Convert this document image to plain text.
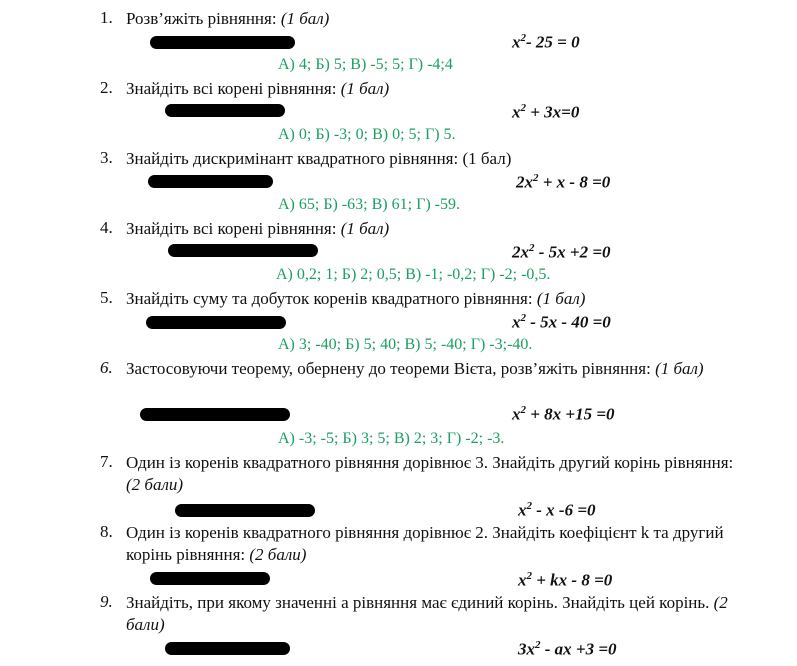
1. Розв’яжіть рівняння: (1 бал)
$x^2-$ 25 = 0
А) 4; Б) 5; В) -5; 5; Г) -4;4
2. Знайдіть всі корені рівняння: (1 бал)
$x^2 + 3x=0$
А) 0; Б) -3; 0; В) 0; 5; Г) 5.
3. Знайдіть дискримінант квадратного рівняння: (1 бал)
$2x^2 + x - 8 =0$
А) 65; Б) -63; В) 61; Г) -59.
4. Знайдіть всі корені рівняння: (1 бал)
$2x^2 - 5x +2 =0$
А) 0,2; 1; Б) 2; 0,5; В) -1; -0,2; Г) -2; -0,5.
5. Знайдіть суму та добуток коренів квадратного рівняння: (1 бал)
$x^2 - 5x - 40 =0$
А) 3; -40; Б) 5; 40; В) 5; -40; Г) -3;-40.
6. Застосовуючи теорему, обернену до теореми Вієта, розв’яжіть рівняння: (1 бал)
$x^2 + 8x +15 =0$
А) -3; -5; Б) 3; 5; В) 2; 3; Г) -2; -3.
7. Один із коренів квадратного рівняння дорівнює 3. Знайдіть другий корінь рівняння: (2 бали)
$x^2$ - x -6 =0
8. Один із коренів квадратного рівняння дорівнює 2. Знайдіть коефіцієнт k та другий корінь рівняння: (2 бали)
$x^2$ + kx - 8 =0
9. Знайдіть, при якому значенні а рівняння має єдиний корінь. Знайдіть цей корінь. (2 бали)
$3x^2$ - ax +3 =0
